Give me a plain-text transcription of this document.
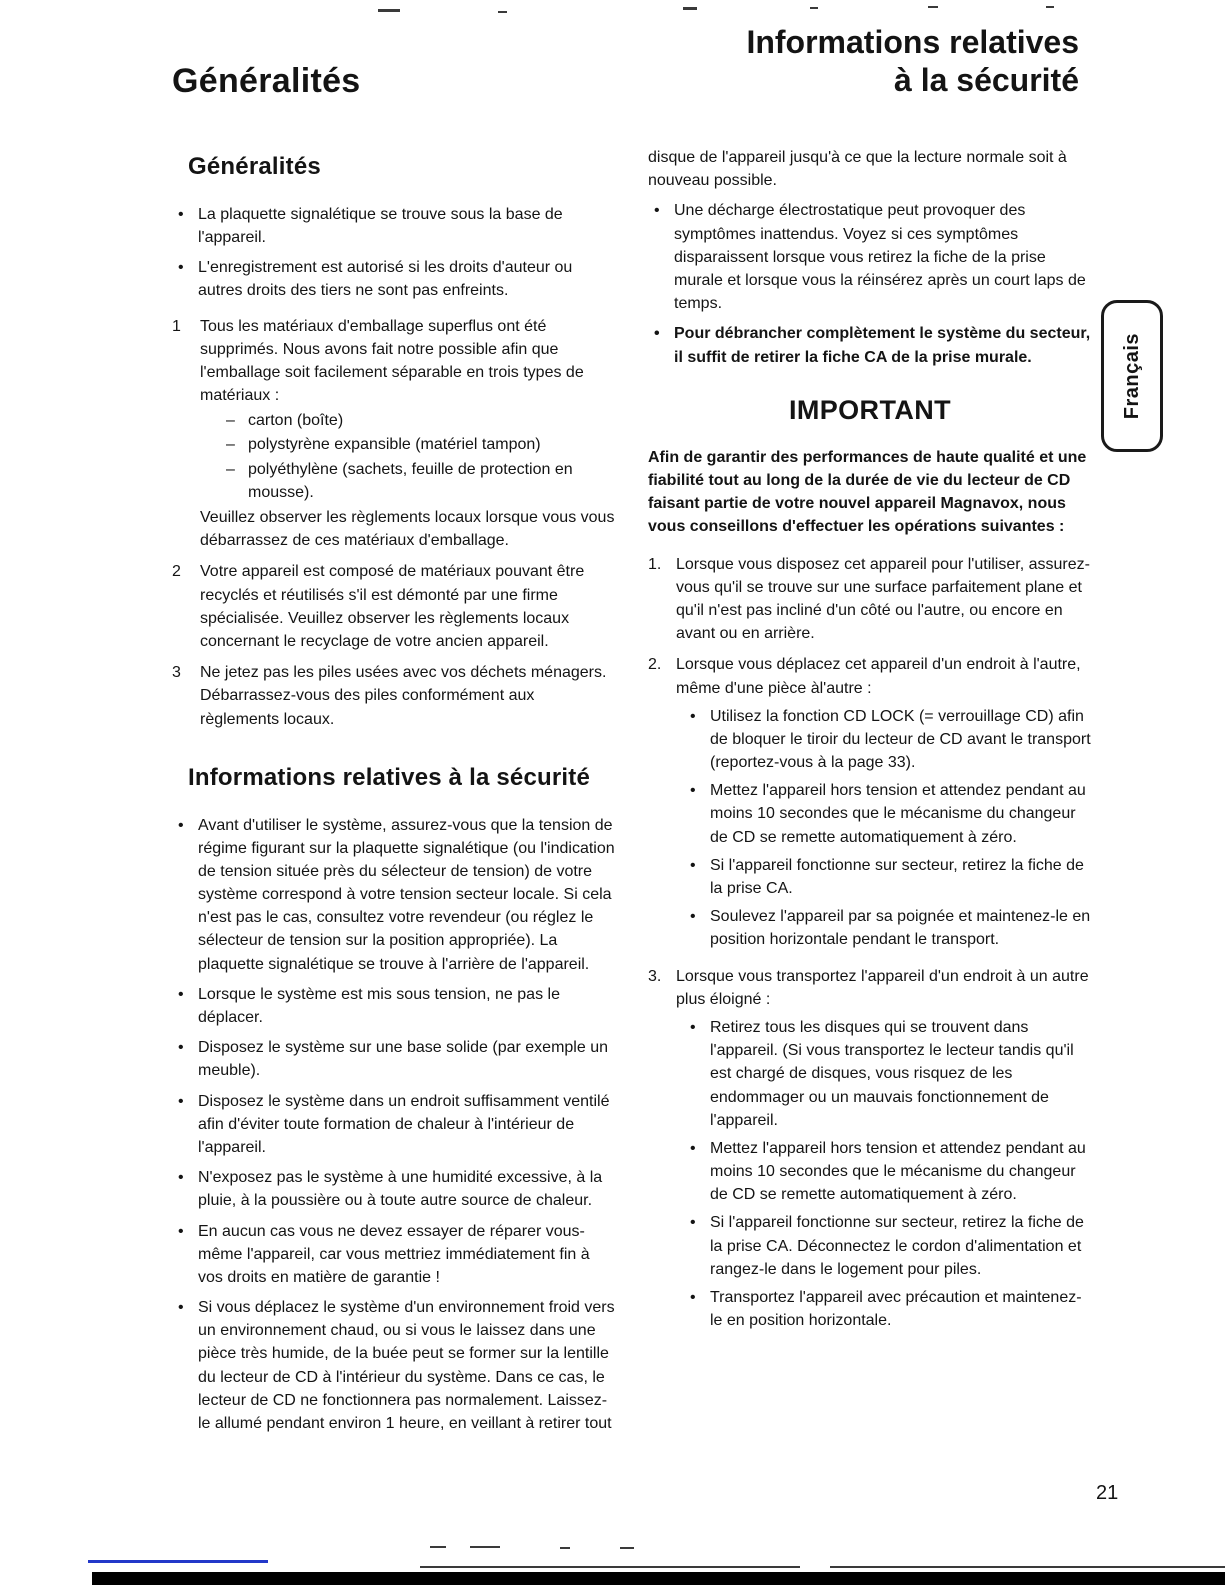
Généralités
Informations relatives
à la sécurité
Généralités
• La plaquette signalétique se trouve sous la base de l'appareil.
• L'enregistrement est autorisé si les droits d'auteur ou autres droits des tiers ne sont pas enfreints.
1	Tous les matériaux d'emballage superflus ont été supprimés. Nous avons fait notre possible afin que l'emballage soit facilement séparable en trois types de matériaux :

– carton (boîte)
– polystyrène expansible (matériel tampon)
– polyéthylène (sachets, feuille de protection en mousse).

Veuillez observer les règlements locaux lorsque vous vous débarrassez de ces matériaux d'emballage.

2	Votre appareil est composé de matériaux pouvant être recyclés et réutilisés s'il est démonté par une firme spécialisée. Veuillez observer les règlements locaux concernant le recyclage de votre ancien appareil.

3	Ne jetez pas les piles usées avec vos déchets ménagers. Débarrassez-vous des piles conformément aux règlements locaux.

Informations relatives à la sécurité
• Avant d'utiliser le système, assurez-vous que la tension de régime figurant sur la plaquette signalétique (ou l'indication de tension située près du sélecteur de tension) de votre système correspond à votre tension secteur locale. Si cela n'est pas le cas, consultez votre revendeur (ou réglez le sélecteur de tension sur la position appropriée). La plaquette signalétique se trouve à l'arrière de l'appareil.
• Lorsque le système est mis sous tension, ne pas le déplacer.
• Disposez le système sur une base solide (par exemple un meuble).
• Disposez le système dans un endroit suffisamment ventilé afin d'éviter toute formation de chaleur à l'intérieur de l'appareil.
• N'exposez pas le système à une humidité excessive, à la pluie, à la poussière ou à toute autre source de chaleur.
• En aucun cas vous ne devez essayer de réparer vous-même l'appareil, car vous mettriez immédiatement fin à vos droits en matière de garantie !
• Si vous déplacez le système d'un environnement froid vers un environnement chaud, ou si vous le laissez dans une pièce très humide, de la buée peut se former sur la lentille du lecteur de CD à l'intérieur du système. Dans ce cas, le lecteur de CD ne fonctionnera pas normalement. Laissez-le allumé pendant environ 1 heure, en veillant à retirer tout

disque de l'appareil jusqu'à ce que la lecture normale soit à nouveau possible.

• Une décharge électrostatique peut provoquer des symptômes inattendus. Voyez si ces symptômes disparaissent lorsque vous retirez la fiche de la prise murale et lorsque vous la réinsérez après un court laps de temps.
• Pour débrancher complètement le système du secteur, il suffit de retirer la fiche CA de la prise murale.
IMPORTANT

Afin de garantir des performances de haute qualité et une fiabilité tout au long de la durée de vie du lecteur de CD faisant partie de votre nouvel appareil Magnavox, nous vous conseillons d'effectuer les opérations suivantes :

1. Lorsque vous disposez cet appareil pour l'utiliser, assurez-vous qu'il se trouve sur une surface parfaitement plane et qu'il n'est pas incliné d'un côté ou l'autre, ou encore en avant ou en arrière.

2. Lorsque vous déplacez cet appareil d'un endroit à l'autre, même d'une pièce àl'autre :

• Utilisez la fonction CD LOCK (= verrouillage CD) afin de bloquer le tiroir du lecteur de CD avant le transport (reportez-vous à la page 33).
• Mettez l'appareil hors tension et attendez pendant au moins 10 secondes que le mécanisme du changeur de CD se remette automatiquement à zéro.
• Si l'appareil fonctionne sur secteur, retirez la fiche de la prise CA.
• Soulevez l'appareil par sa poignée et maintenez-le en position horizontale pendant le transport.
3. Lorsque vous transportez l'appareil d'un endroit à un autre plus éloigné :

• Retirez tous les disques qui se trouvent dans l'appareil. (Si vous transportez le lecteur tandis qu'il est chargé de disques, vous risquez de les endommager ou un mauvais fonctionnement de l'appareil.
• Mettez l'appareil hors tension et attendez pendant au moins 10 secondes que le mécanisme du changeur de CD se remette automatiquement à zéro.
• Si l'appareil fonctionne sur secteur, retirez la fiche de la prise CA. Déconnectez le cordon d'alimentation et rangez-le dans le logement pour piles.
• Transportez l'appareil avec précaution et maintenez-le en position horizontale.
Français
21
